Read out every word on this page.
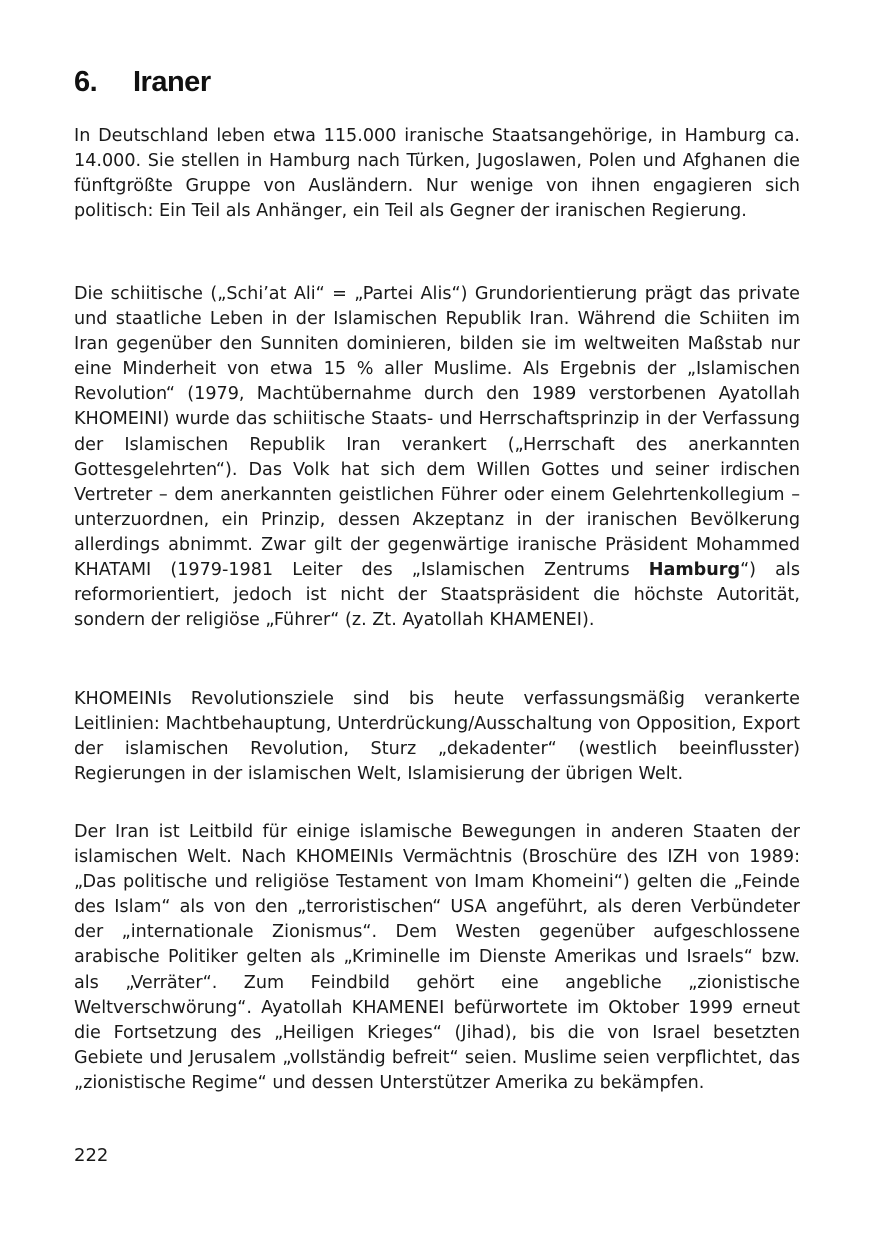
6. Iraner

In Deutschland leben etwa 115.000 iranische Staatsangehörige, in Hamburg ca. 14.000. Sie stellen in Hamburg nach Türken, Jugoslawen, Polen und Afghanen die fünftgrößte Gruppe von Ausländern. Nur wenige von ihnen engagieren sich politisch: Ein Teil als Anhänger, ein Teil als Gegner der iranischen Regierung.

Die schiitische („Schi’at Ali“ = „Partei Alis“) Grundorientierung prägt das private und staatliche Leben in der Islamischen Republik Iran. Während die Schiiten im Iran gegenüber den Sunniten dominieren, bilden sie im weltweiten Maßstab nur eine Minderheit von etwa 15 % aller Muslime. Als Ergebnis der „Islamischen Revolution“ (1979, Machtübernahme durch den 1989 verstorbenen Ayatollah KHOMEINI) wurde das schiitische Staats- und Herrschaftsprinzip in der Verfassung der Islamischen Republik Iran verankert („Herrschaft des anerkannten Gottesgelehrten“). Das Volk hat sich dem Willen Gottes und seiner irdischen Vertreter – dem anerkannten geistlichen Führer oder einem Gelehrtenkollegium – unterzuordnen, ein Prinzip, dessen Akzeptanz in der iranischen Bevölkerung allerdings abnimmt. Zwar gilt der gegenwärtige iranische Präsident Mohammed KHATAMI (1979-1981 Leiter des „Islamischen Zentrums Hamburg“) als reformorientiert, jedoch ist nicht der Staatspräsident die höchste Autorität, sondern der religiöse „Führer“ (z. Zt. Ayatollah KHAMENEI).

KHOMEINIs Revolutionsziele sind bis heute verfassungsmäßig verankerte Leitlinien: Machtbehauptung, Unterdrückung/Ausschaltung von Opposition, Export der islamischen Revolution, Sturz „dekadenter“ (westlich beeinflusster) Regierungen in der islamischen Welt, Islamisierung der übrigen Welt.

Der Iran ist Leitbild für einige islamische Bewegungen in anderen Staaten der islamischen Welt. Nach KHOMEINIs Vermächtnis (Broschüre des IZH von 1989: „Das politische und religiöse Testament von Imam Khomeini“) gelten die „Feinde des Islam“ als von den „terroristischen“ USA angeführt, als deren Verbündeter der „internationale Zionismus“. Dem Westen gegenüber aufgeschlossene arabische Politiker gelten als „Kriminelle im Dienste Amerikas und Israels“ bzw. als „Verräter“. Zum Feindbild gehört eine angebliche „zionistische Weltverschwörung“. Ayatollah KHAMENEI befürwortete im Oktober 1999 erneut die Fortsetzung des „Heiligen Krieges“ (Jihad), bis die von Israel besetzten Gebiete und Jerusalem „vollständig befreit“ seien. Muslime seien verpflichtet, das „zionistische Regime“ und dessen Unterstützer Amerika zu bekämpfen.

222
